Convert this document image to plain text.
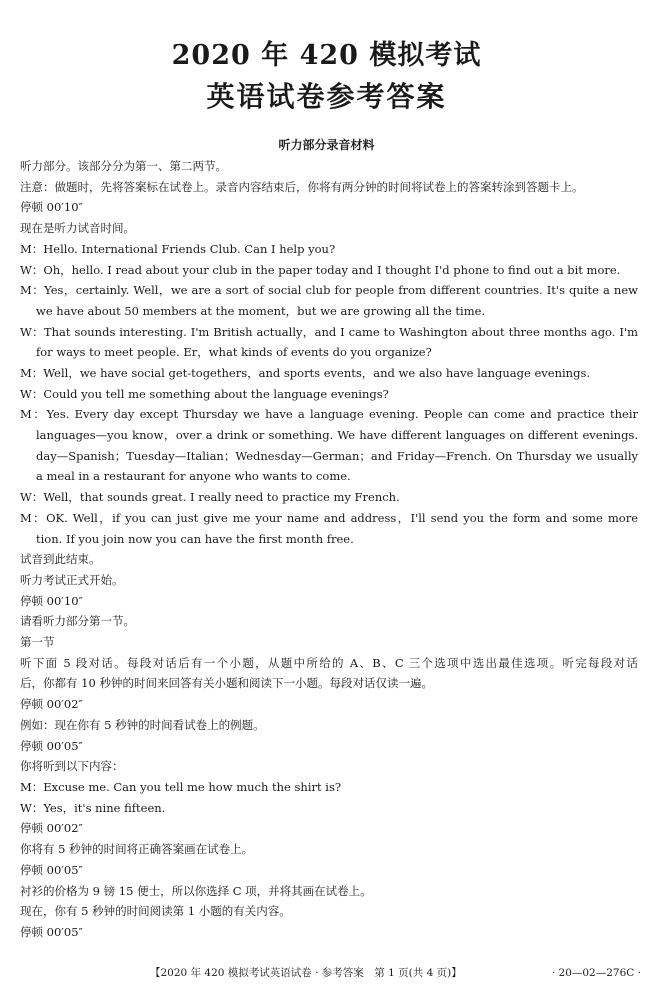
2020 年 420 模拟考试
英语试卷参考答案
听力部分录音材料
听力部分。该部分分为第一、第二两节。
注意：做题时，先将答案标在试卷上。录音内容结束后，你将有两分钟的时间将试卷上的答案转涂到答题卡上。
停顿 00′10″
现在是听力试音时间。
M：Hello. International Friends Club. Can I help you?
W：Oh，hello. I read about your club in the paper today and I thought I'd phone to find out a bit more.
M：Yes，certainly. Well，we are a sort of social club for people from different countries. It's quite a new
we have about 50 members at the moment，but we are growing all the time.
W：That sounds interesting. I'm British actually，and I came to Washington about three months ago. I'm
for ways to meet people. Er，what kinds of events do you organize?
M：Well，we have social get-togethers，and sports events，and we also have language evenings.
W：Could you tell me something about the language evenings?
M：Yes. Every day except Thursday we have a language evening. People can come and practice their
languages—you know，over a drink or something. We have different languages on different evenings.
day—Spanish；Tuesday—Italian；Wednesday—German；and Friday—French. On Thursday we usually
a meal in a restaurant for anyone who wants to come.
W：Well，that sounds great. I really need to practice my French.
M：OK. Well，if you can just give me your name and address，I'll send you the form and some more
tion. If you join now you can have the first month free.
试音到此结束。
听力考试正式开始。
停顿 00′10″
请看听力部分第一节。
第一节
听下面 5 段对话。每段对话后有一个小题，从题中所给的 A、B、C 三个选项中选出最佳选项。听完每段对话
后，你都有 10 秒钟的时间来回答有关小题和阅读下一小题。每段对话仅读一遍。
停顿 00′02″
例如：现在你有 5 秒钟的时间看试卷上的例题。
停顿 00′05″
你将听到以下内容：
M：Excuse me. Can you tell me how much the shirt is?
W：Yes，it's nine fifteen.
停顿 00′02″
你将有 5 秒钟的时间将正确答案画在试卷上。
停顿 00′05″
衬衫的价格为 9 镑 15 便士，所以你选择 C 项，并将其画在试卷上。
现在，你有 5 秒钟的时间阅读第 1 小题的有关内容。
停顿 00′05″
【2020 年 420 模拟考试英语试卷 · 参考答案　第 1 页(共 4 页)】	· 20—02—276C ·
